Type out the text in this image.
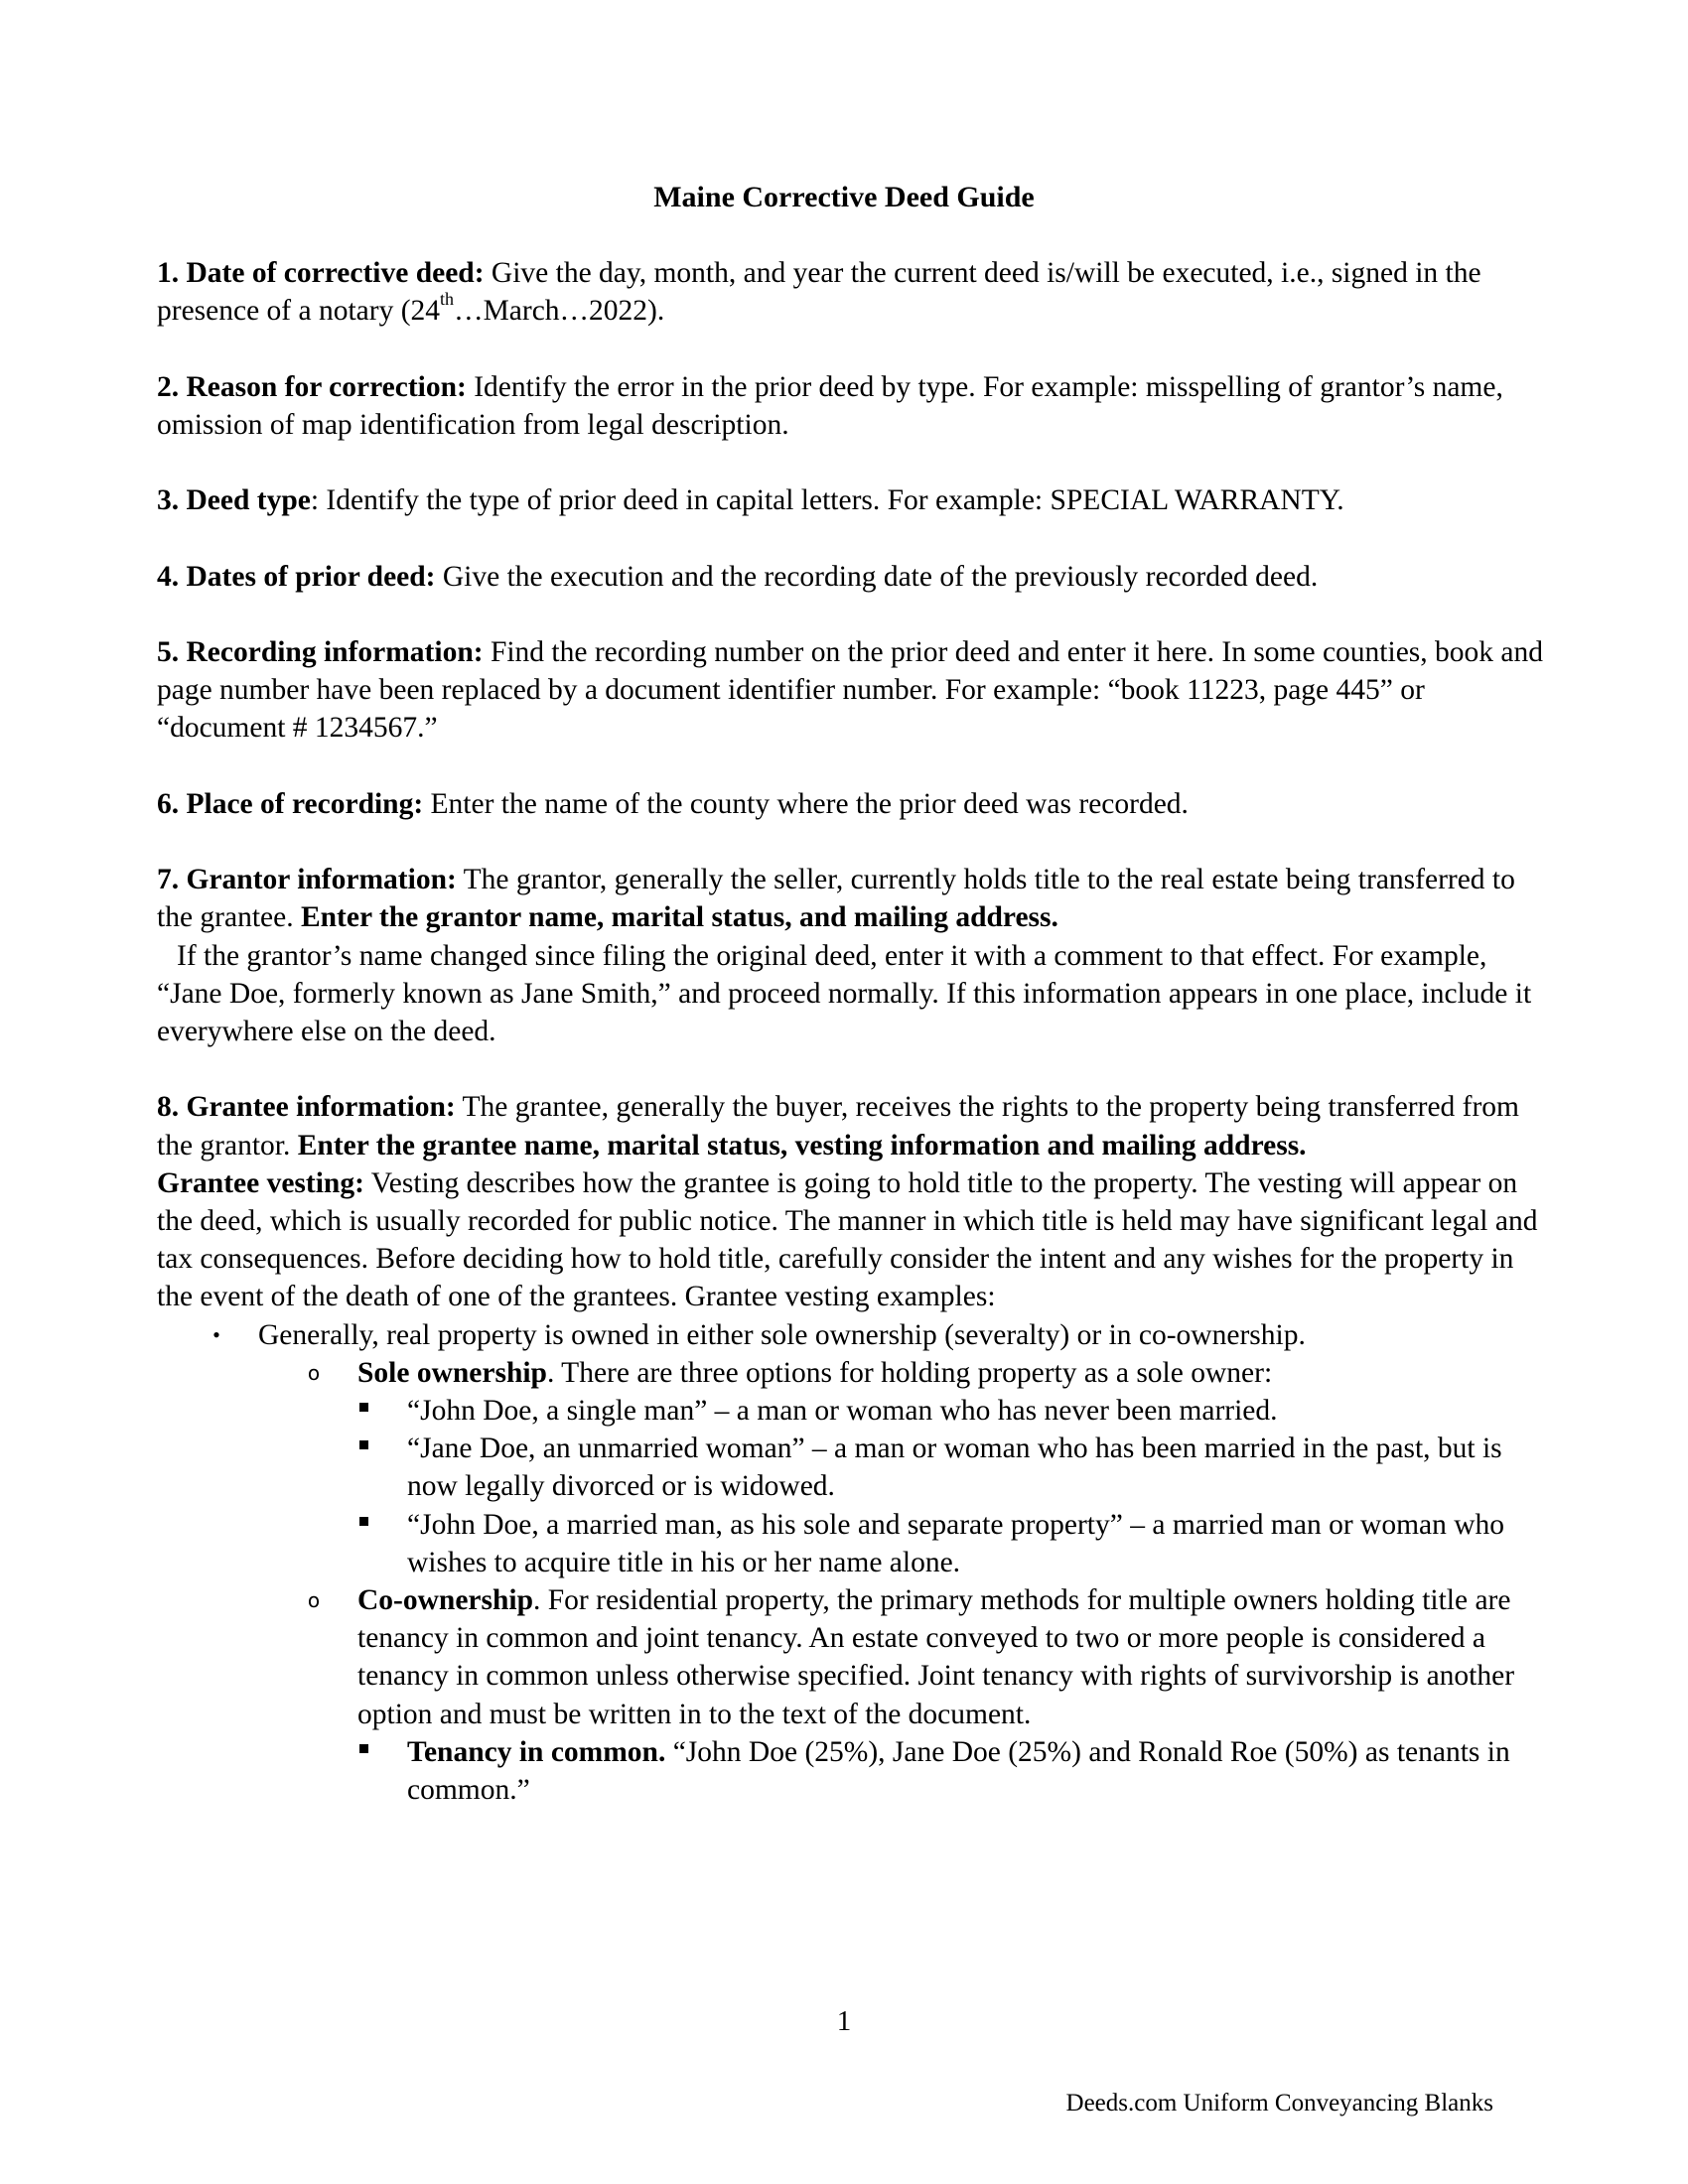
Maine Corrective Deed Guide

1. Date of corrective deed: Give the day, month, and year the current deed is/will be executed, i.e., signed in the presence of a notary (24th…March…2022).

2. Reason for correction: Identify the error in the prior deed by type. For example: misspelling of grantor’s name, omission of map identification from legal description.

3. Deed type: Identify the type of prior deed in capital letters. For example: SPECIAL WARRANTY.

4. Dates of prior deed: Give the execution and the recording date of the previously recorded deed.

5. Recording information: Find the recording number on the prior deed and enter it here. In some counties, book and page number have been replaced by a document identifier number. For example: “book 11223, page 445” or “document # 1234567.”

6. Place of recording: Enter the name of the county where the prior deed was recorded.

7. Grantor information: The grantor, generally the seller, currently holds title to the real estate being transferred to the grantee. Enter the grantor name, marital status, and mailing address.
If the grantor’s name changed since filing the original deed, enter it with a comment to that effect. For example, “Jane Doe, formerly known as Jane Smith,” and proceed normally. If this information appears in one place, include it everywhere else on the deed.

8. Grantee information: The grantee, generally the buyer, receives the rights to the property being transferred from the grantor. Enter the grantee name, marital status, vesting information and mailing address.

Grantee vesting: Vesting describes how the grantee is going to hold title to the property. The vesting will appear on the deed, which is usually recorded for public notice. The manner in which title is held may have significant legal and tax consequences. Before deciding how to hold title, carefully consider the intent and any wishes for the property in the event of the death of one of the grantees. Grantee vesting examples:

• Generally, real property is owned in either sole ownership (severalty) or in co-ownership.
o Sole ownership. There are three options for holding property as a sole owner:
“John Doe, a single man” – a man or woman who has never been married.
“Jane Doe, an unmarried woman” – a man or woman who has been married in the past, but is now legally divorced or is widowed.
“John Doe, a married man, as his sole and separate property” – a married man or woman who wishes to acquire title in his or her name alone.
o Co-ownership. For residential property, the primary methods for multiple owners holding title are tenancy in common and joint tenancy. An estate conveyed to two or more people is considered a tenancy in common unless otherwise specified. Joint tenancy with rights of survivorship is another option and must be written in to the text of the document.
Tenancy in common. “John Doe (25%), Jane Doe (25%) and Ronald Roe (50%) as tenants in common.”
1
Deeds.com Uniform Conveyancing Blanks
